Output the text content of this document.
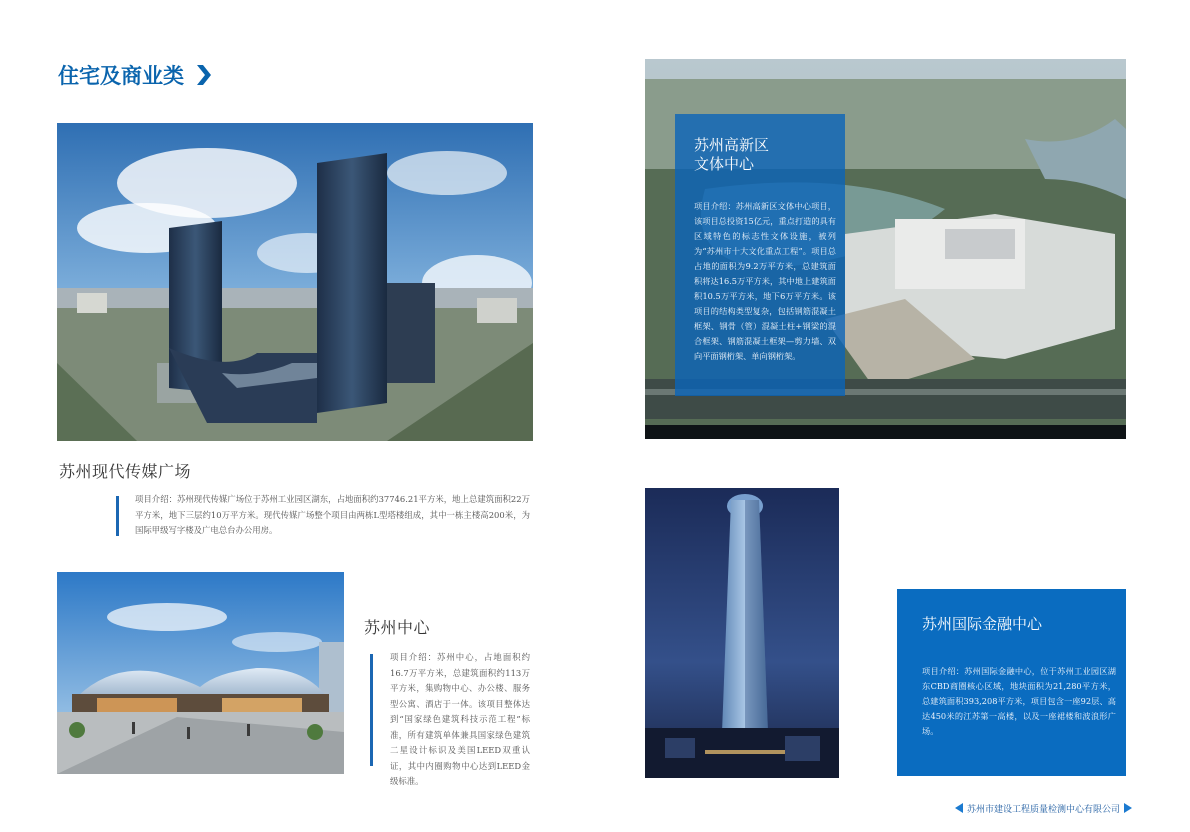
住宅及商业类
苏州现代传媒广场
项目介绍：苏州现代传媒广场位于苏州工业园区湖东，占地面积约37746.21平方米，地上总建筑面积22万平方米，地下三层约10万平方米。现代传媒广场整个项目由两栋L型塔楼组成，其中一栋主楼高200米，为国际甲级写字楼及广电总台办公用房。
苏州中心
项目介绍：苏州中心，占地面积约16.7万平方米，总建筑面积约113万平方米，集购物中心、办公楼、服务型公寓、酒店于一体。该项目整体达到“国家绿色建筑科技示范工程”标准，所有建筑单体兼具国家绿色建筑二星设计标识及美国LEED双重认证，其中内圈购物中心达到LEED金级标准。
苏州高新区
文体中心
项目介绍：苏州高新区文体中心项目，该项目总投资15亿元，重点打造的具有区域特色的标志性文体设施，被列为“苏州市十大文化重点工程”。项目总占地的面积为9.2万平方米，总建筑面积将达16.5万平方米，其中地上建筑面积10.5万平方米，地下6万平方米。该项目的结构类型复杂，包括钢筋混凝土框架、钢骨（管）混凝土柱+钢梁的混合框架、钢筋混凝土框架—剪力墙、双向平面钢桁架、单向钢桁架。
苏州国际金融中心
项目介绍：苏州国际金融中心，位于苏州工业园区湖东CBD商圈核心区域，地块面积为21,280平方米，总建筑面积393,208平方米，项目包含一座92层、高达450米的江苏第一高楼，以及一座裙楼和波浪形广场。
苏州市建设工程质量检测中心有限公司
